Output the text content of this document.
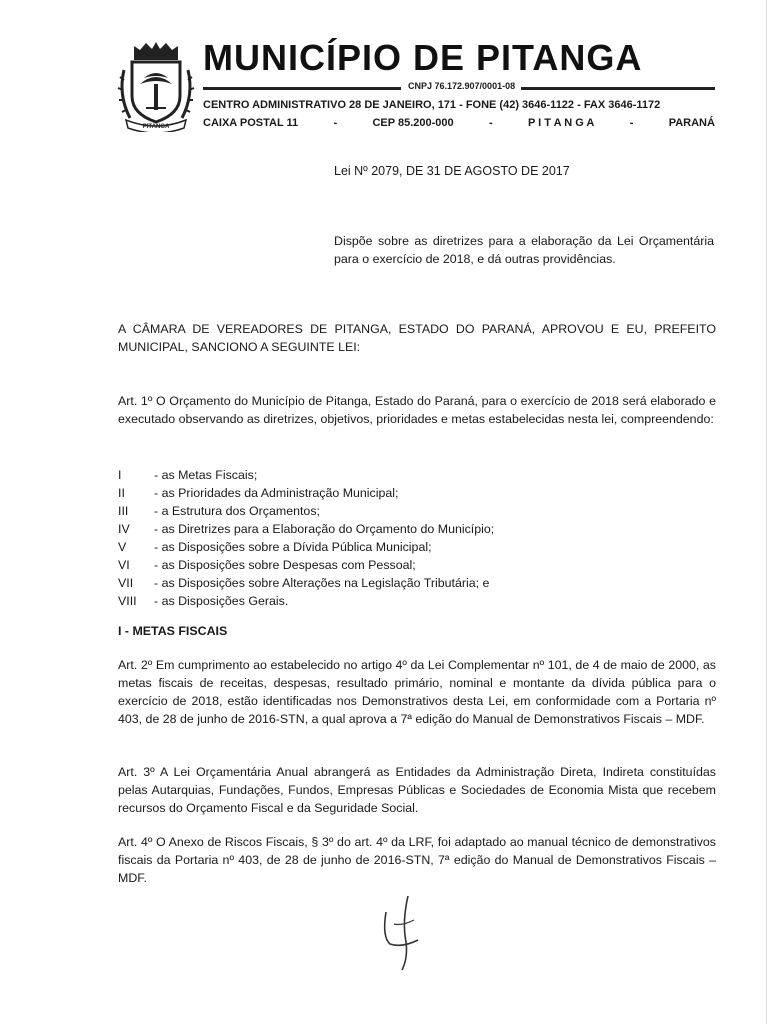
PITANGA
MUNICÍPIO DE PITANGA
CNPJ 76.172.907/0001-08
CENTRO ADMINISTRATIVO 28 DE JANEIRO, 171 - FONE (42) 3646-1122 - FAX 3646-1172
CAIXA POSTAL 11	-	CEP 85.200-000	-	P I T A N G A	-	PARANÁ
Lei Nº 2079, DE 31 DE AGOSTO DE 2017
Dispõe sobre as diretrizes para a elaboração da Lei Orçamentária para o exercício de 2018, e dá outras providências.
A CÂMARA DE VEREADORES DE PITANGA, ESTADO DO PARANÁ, APROVOU E EU, PREFEITO MUNICIPAL, SANCIONO A SEGUINTE LEI:
Art. 1º O Orçamento do Município de Pitanga, Estado do Paraná, para o exercício de 2018 será elaborado e executado observando as diretrizes, objetivos, prioridades e metas estabelecidas nesta lei, compreendendo:
I	- as Metas Fiscais;
II	- as Prioridades da Administração Municipal;
III	- a Estrutura dos Orçamentos;
IV	- as Diretrizes para a Elaboração do Orçamento do Município;
V	- as Disposições sobre a Dívida Pública Municipal;
VI	- as Disposições sobre Despesas com Pessoal;
VII	- as Disposições sobre Alterações na Legislação Tributária; e
VIII	- as Disposições Gerais.
I - METAS FISCAIS
Art. 2º Em cumprimento ao estabelecido no artigo 4º da Lei Complementar nº 101, de 4 de maio de 2000, as metas fiscais de receitas, despesas, resultado primário, nominal e montante da dívida pública para o exercício de 2018, estão identificadas nos Demonstrativos desta Lei, em conformidade com a Portaria nº 403, de 28 de junho de 2016-STN, a qual aprova a 7ª edição do Manual de Demonstrativos Fiscais – MDF.
Art. 3º A Lei Orçamentária Anual abrangerá as Entidades da Administração Direta, Indireta constituídas pelas Autarquias, Fundações, Fundos, Empresas Públicas e Sociedades de Economia Mista que recebem recursos do Orçamento Fiscal e da Seguridade Social.
Art. 4º O Anexo de Riscos Fiscais, § 3º do art. 4º da LRF, foi adaptado ao manual técnico de demonstrativos fiscais da Portaria nº 403, de 28 de junho de 2016-STN, 7ª edição do Manual de Demonstrativos Fiscais – MDF.
